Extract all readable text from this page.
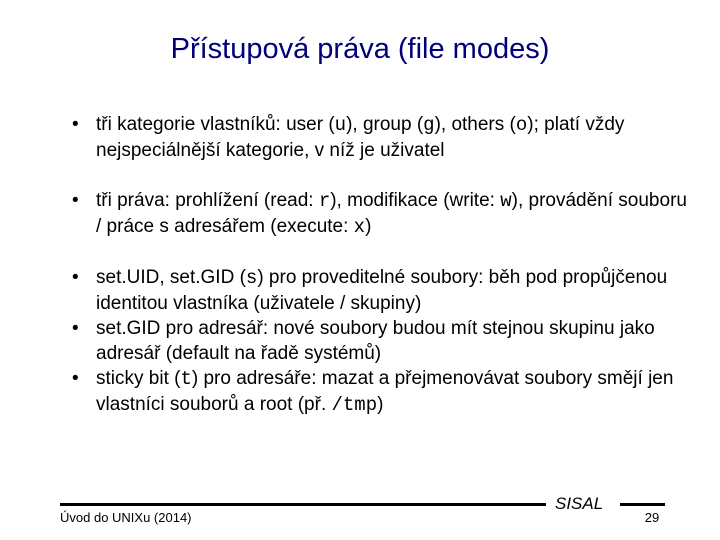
Přístupová práva (file modes)
• tři kategorie vlastníků: user (u), group (g), others (o); platí vždy nejspeciálnější kategorie, v níž je uživatel
• tři práva: prohlížení (read: r), modifikace (write: w), provádění souboru / práce s adresářem (execute: x)
• set.UID, set.GID (s) pro proveditelné soubory: běh pod propůjčenou identitou vlastníka (uživatele / skupiny)
• set.GID pro adresář: nové soubory budou mít stejnou skupinu jako adresář (default na řadě systémů)
• sticky bit (t) pro adresáře: mazat a přejmenovávat soubory smějí jen vlastníci souborů a root (př. /tmp)
Úvod do UNIXu (2014)
SISAL
29
